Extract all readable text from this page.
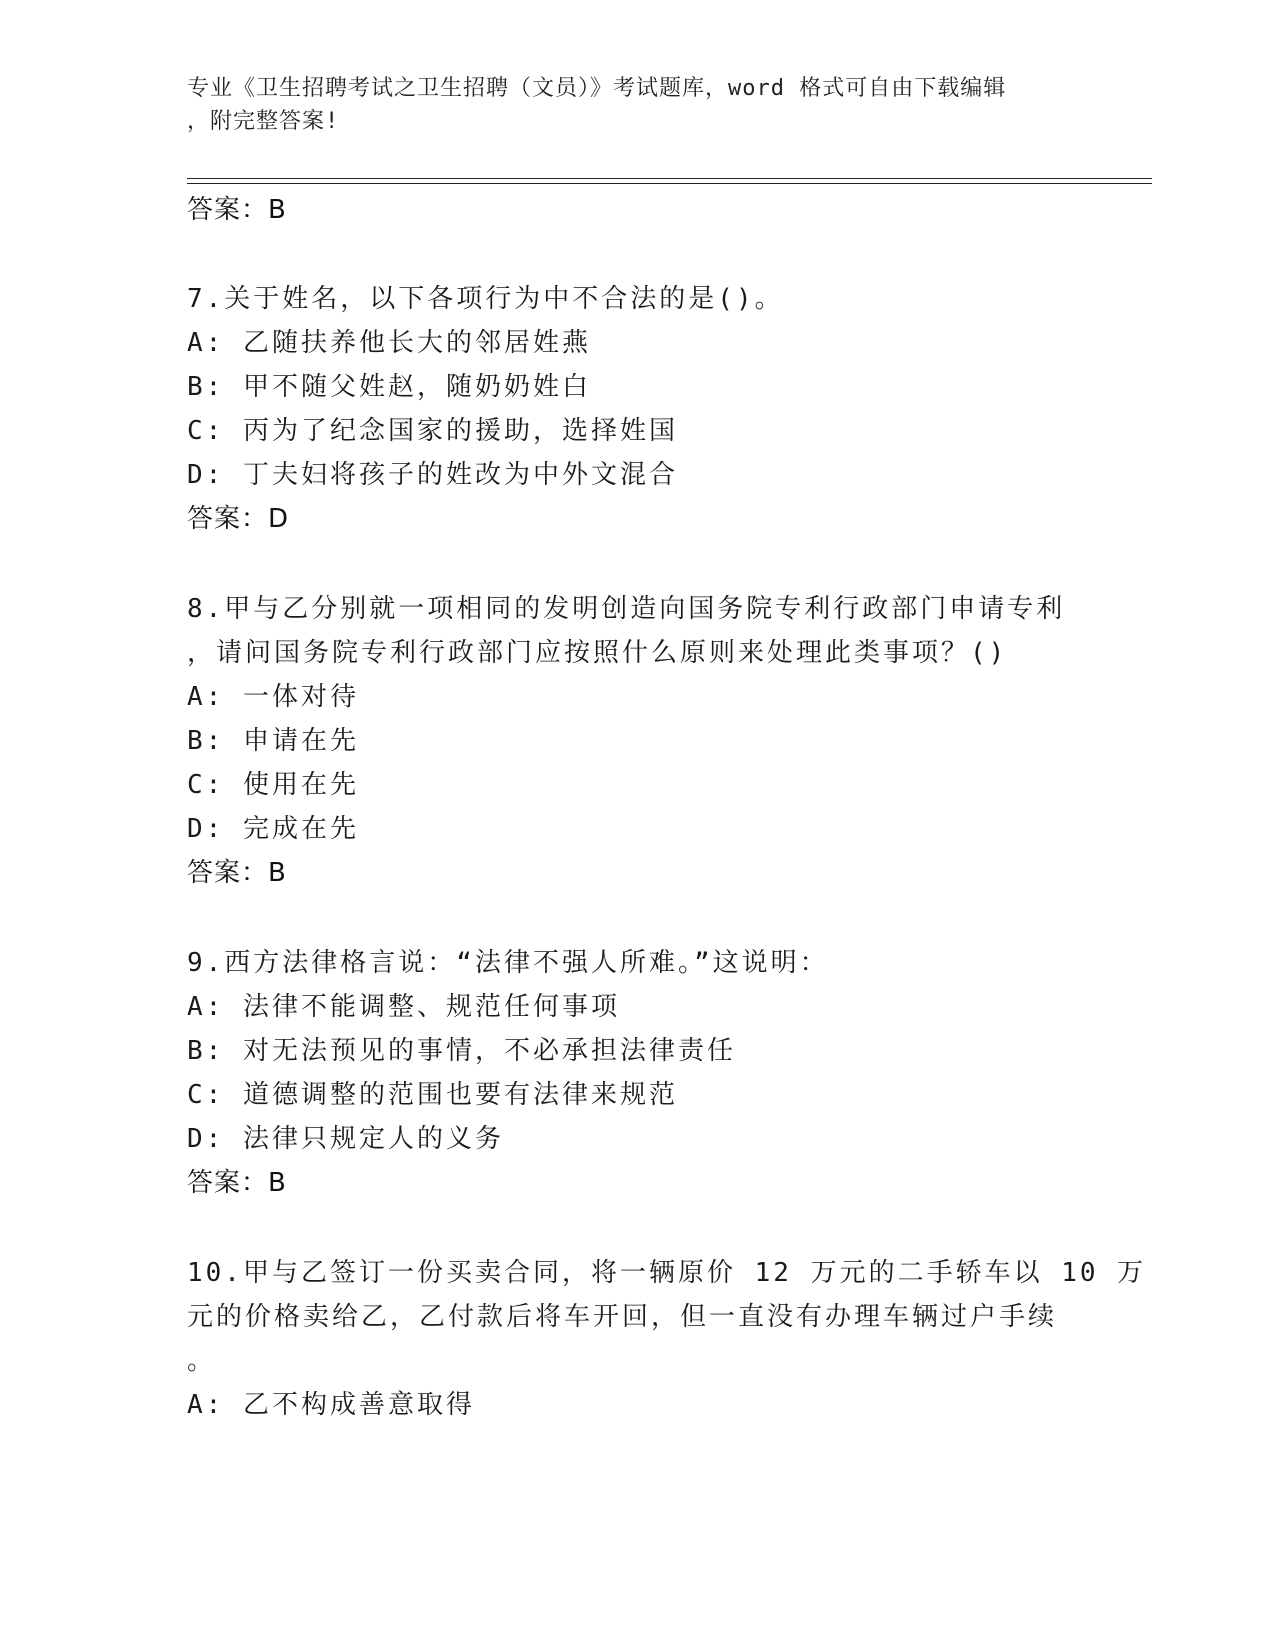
专业《卫生招聘考试之卫生招聘（文员）》考试题库，word 格式可自由下载编辑
，附完整答案!
答案：B
7.关于姓名，以下各项行为中不合法的是()。
A: 乙随扶养他长大的邻居姓燕
B: 甲不随父姓赵，随奶奶姓白
C: 丙为了纪念国家的援助，选择姓国
D: 丁夫妇将孩子的姓改为中外文混合
答案：D
8.甲与乙分别就一项相同的发明创造向国务院专利行政部门申请专利
，请问国务院专利行政部门应按照什么原则来处理此类事项？()
A: 一体对待
B: 申请在先
C: 使用在先
D: 完成在先
答案：B
9.西方法律格言说：“法律不强人所难。”这说明：
A: 法律不能调整、规范任何事项
B: 对无法预见的事情，不必承担法律责任
C: 道德调整的范围也要有法律来规范
D: 法律只规定人的义务
答案：B
10.甲与乙签订一份买卖合同，将一辆原价 12 万元的二手轿车以 10 万
元的价格卖给乙，乙付款后将车开回，但一直没有办理车辆过户手续
。
A: 乙不构成善意取得
